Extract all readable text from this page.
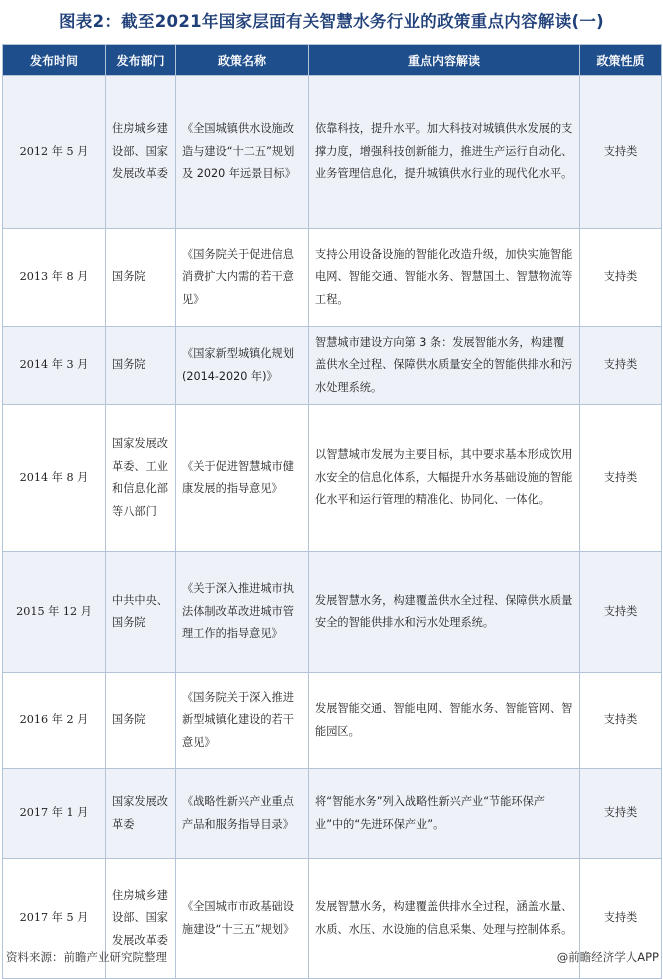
图表2：截至2021年国家层面有关智慧水务行业的政策重点内容解读(一)
发布时间	发布部门	政策名称	重点内容解读	政策性质
2012 年 5 月	住房城乡建设部、国家发展改革委	《全国城镇供水设施改造与建设“十二五”规划及 2020 年远景目标》	依靠科技，提升水平。加大科技对城镇供水发展的支撑力度，增强科技创新能力，推进生产运行自动化、业务管理信息化，提升城镇供水行业的现代化水平。	支持类
2013 年 8 月	国务院	《国务院关于促进信息消费扩大内需的若干意见》	支持公用设备设施的智能化改造升级，加快实施智能电网、智能交通、智能水务、智慧国土、智慧物流等工程。	支持类
2014 年 3 月	国务院	《国家新型城镇化规划(2014-2020 年)》	智慧城市建设方向第 3 条：发展智能水务，构建覆盖供水全过程、保障供水质量安全的智能供排水和污水处理系统。	支持类
2014 年 8 月	国家发展改革委、工业和信息化部等八部门	《关于促进智慧城市健康发展的指导意见》	以智慧城市发展为主要目标，其中要求基本形成饮用水安全的信息化体系，大幅提升水务基础设施的智能化水平和运行管理的精准化、协同化、一体化。	支持类
2015 年 12 月	中共中央、国务院	《关于深入推进城市执法体制改革改进城市管理工作的指导意见》	发展智慧水务，构建覆盖供水全过程、保障供水质量安全的智能供排水和污水处理系统。	支持类
2016 年 2 月	国务院	《国务院关于深入推进新型城镇化建设的若干意见》	发展智能交通、智能电网、智能水务、智能管网、智能园区。	支持类
2017 年 1 月	国家发展改革委	《战略性新兴产业重点产品和服务指导目录》	将“智能水务”列入战略性新兴产业“节能环保产业”中的“先进环保产业”。	支持类
2017 年 5 月	住房城乡建设部、国家发展改革委	《全国城市市政基础设施建设“十三五”规划》	发展智慧水务，构建覆盖供排水全过程，涵盖水量、水质、水压、水设施的信息采集、处理与控制体系。	支持类
资料来源：前瞻产业研究院整理	@前瞻经济学人APP
